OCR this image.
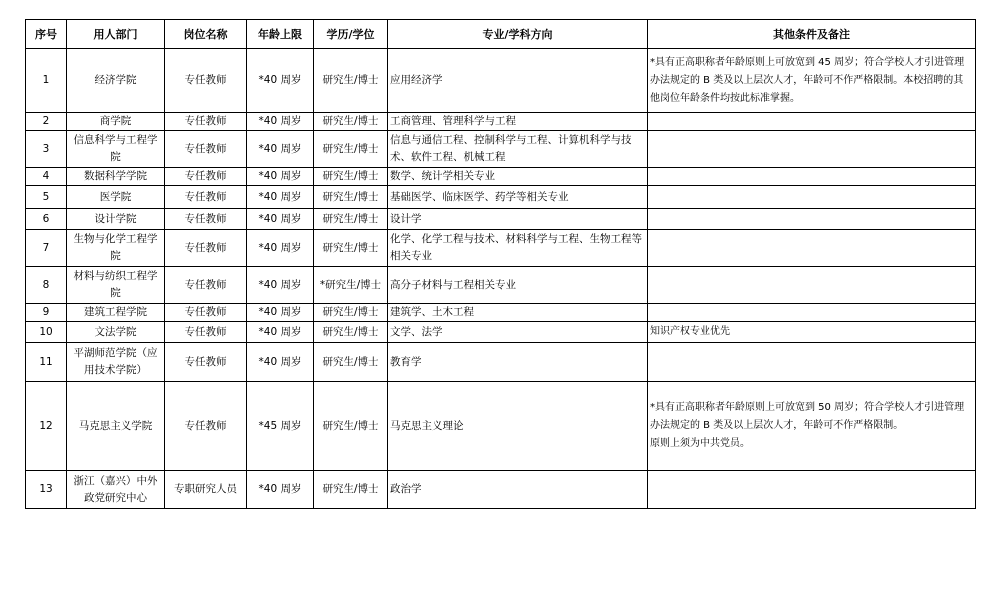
序号	用人部门	岗位名称	年龄上限	学历/学位	专业/学科方向	其他条件及备注
1	经济学院	专任教师	*40 周岁	研究生/博士	应用经济学	*具有正高职称者年龄原则上可放宽到 45 周岁；符合学校人才引进管理办法规定的 B 类及以上层次人才，年龄可不作严格限制。本校招聘的其他岗位年龄条件均按此标准掌握。

2	商学院	专任教师	*40 周岁	研究生/博士	工商管理、管理科学与工程	
3	信息科学与工程学院	专任教师	*40 周岁	研究生/博士	信息与通信工程、控制科学与工程、计算机科学与技术、软件工程、机械工程	
4	数据科学学院	专任教师	*40 周岁	研究生/博士	数学、统计学相关专业	
5	医学院	专任教师	*40 周岁	研究生/博士	基础医学、临床医学、药学等相关专业	
6	设计学院	专任教师	*40 周岁	研究生/博士	设计学	
7	生物与化学工程学院	专任教师	*40 周岁	研究生/博士	化学、化学工程与技术、材料科学与工程、生物工程等相关专业	
8	材料与纺织工程学院	专任教师	*40 周岁	*研究生/博士	高分子材料与工程相关专业	
9	建筑工程学院	专任教师	*40 周岁	研究生/博士	建筑学、土木工程	
10	文法学院	专任教师	*40 周岁	研究生/博士	文学、法学	知识产权专业优先

11	平湖师范学院（应用技术学院）	专任教师	*40 周岁	研究生/博士	教育学	
12	马克思主义学院	专任教师	*45 周岁	研究生/博士	马克思主义理论	*具有正高职称者年龄原则上可放宽到 50 周岁；符合学校人才引进管理办法规定的 B 类及以上层次人才，年龄可不作严格限制。
原则上须为中共党员。

13	浙江（嘉兴）中外政党研究中心	专职研究人员	*40 周岁	研究生/博士	政治学	
